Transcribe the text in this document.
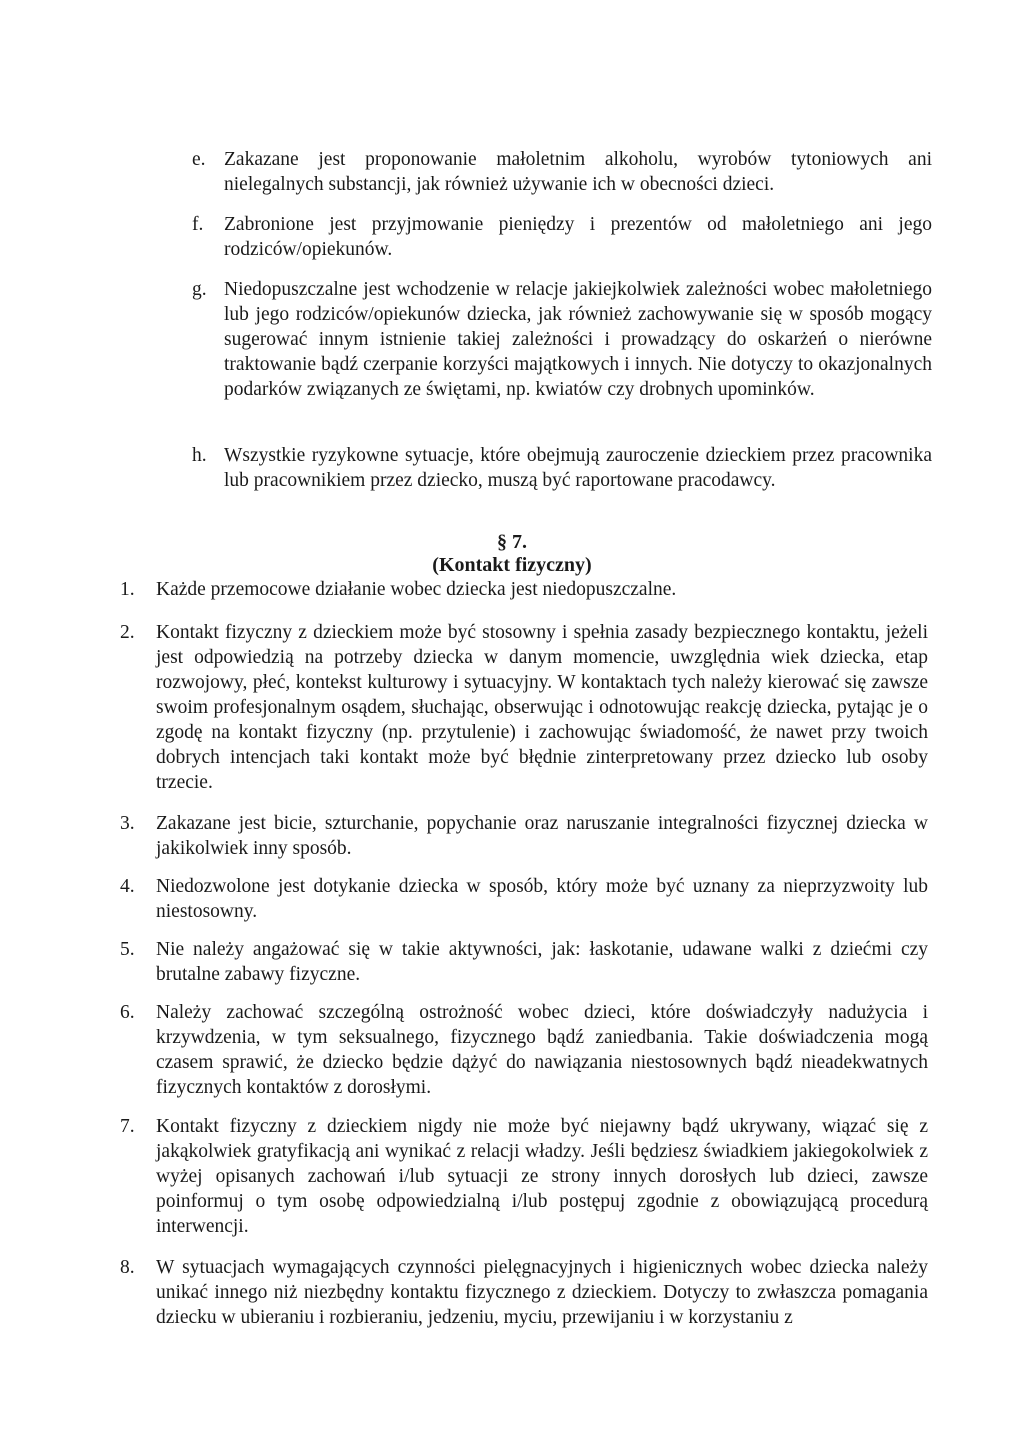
e. Zakazane jest proponowanie małoletnim alkoholu, wyrobów tytoniowych ani nielegalnych substancji, jak również używanie ich w obecności dzieci.
f. Zabronione jest przyjmowanie pieniędzy i prezentów od małoletniego ani jego rodziców/opiekunów.
g. Niedopuszczalne jest wchodzenie w relacje jakiejkolwiek zależności wobec małoletniego lub jego rodziców/opiekunów dziecka, jak również zachowywanie się w sposób mogący sugerować innym istnienie takiej zależności i prowadzący do oskarżeń o nierówne traktowanie bądź czerpanie korzyści majątkowych i innych. Nie dotyczy to okazjonalnych podarków związanych ze świętami, np. kwiatów czy drobnych upominków.
h. Wszystkie ryzykowne sytuacje, które obejmują zauroczenie dzieckiem przez pracownika lub pracownikiem przez dziecko, muszą być raportowane pracodawcy.
§ 7.
(Kontakt fizyczny)
1. Każde przemocowe działanie wobec dziecka jest niedopuszczalne.
2. Kontakt fizyczny z dzieckiem może być stosowny i spełnia zasady bezpiecznego kontaktu, jeżeli jest odpowiedzią na potrzeby dziecka w danym momencie, uwzględnia wiek dziecka, etap rozwojowy, płeć, kontekst kulturowy i sytuacyjny. W kontaktach tych należy kierować się zawsze swoim profesjonalnym osądem, słuchając, obserwując i odnotowując reakcję dziecka, pytając je o zgodę na kontakt fizyczny (np. przytulenie) i zachowując świadomość, że nawet przy twoich dobrych intencjach taki kontakt może być błędnie zinterpretowany przez dziecko lub osoby trzecie.
3. Zakazane jest bicie, szturchanie, popychanie oraz naruszanie integralności fizycznej dziecka w jakikolwiek inny sposób.
4. Niedozwolone jest dotykanie dziecka w sposób, który może być uznany za nieprzyzwoity lub niestosowny.
5. Nie należy angażować się w takie aktywności, jak: łaskotanie, udawane walki z dziećmi czy brutalne zabawy fizyczne.
6. Należy zachować szczególną ostrożność wobec dzieci, które doświadczyły nadużycia i krzywdzenia, w tym seksualnego, fizycznego bądź zaniedbania. Takie doświadczenia mogą czasem sprawić, że dziecko będzie dążyć do nawiązania niestosownych bądź nieadekwatnych fizycznych kontaktów z dorosłymi.
7. Kontakt fizyczny z dzieckiem nigdy nie może być niejawny bądź ukrywany, wiązać się z jakąkolwiek gratyfikacją ani wynikać z relacji władzy. Jeśli będziesz świadkiem jakiegokolwiek z wyżej opisanych zachowań i/lub sytuacji ze strony innych dorosłych lub dzieci, zawsze poinformuj o tym osobę odpowiedzialną i/lub postępuj zgodnie z obowiązującą procedurą interwencji.
8. W sytuacjach wymagających czynności pielęgnacyjnych i higienicznych wobec dziecka należy unikać innego niż niezbędny kontaktu fizycznego z dzieckiem. Dotyczy to zwłaszcza pomagania dziecku w ubieraniu i rozbieraniu, jedzeniu, myciu, przewijaniu i w korzystaniu z
